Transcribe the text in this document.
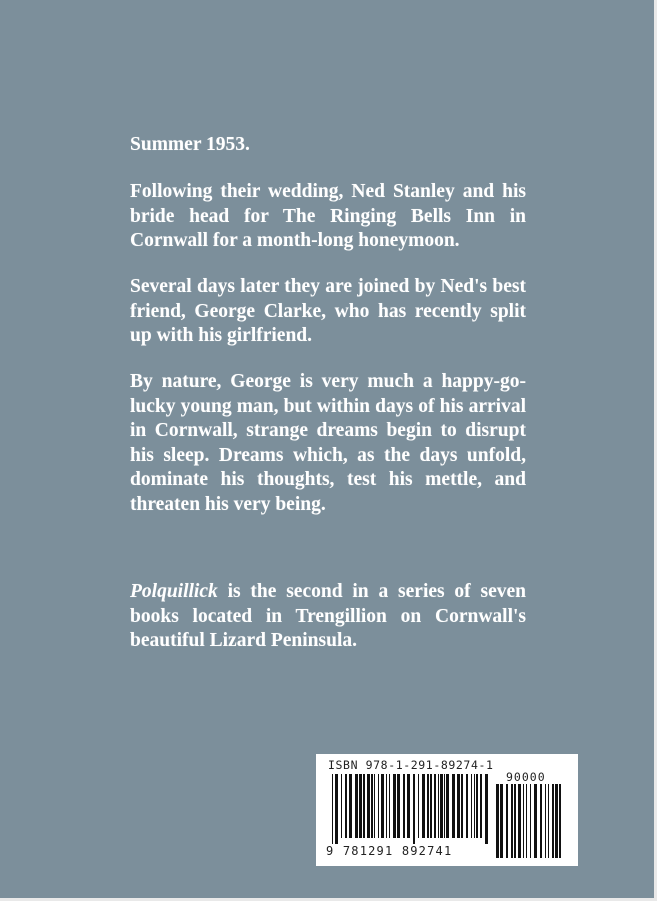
Summer 1953.

Following their wedding, Ned Stanley and his bride head for The Ringing Bells Inn in Cornwall for a month-long honeymoon.

Several days later they are joined by Ned's best friend, George Clarke, who has recently split up with his girlfriend.

By nature, George is very much a happy-go-lucky young man, but within days of his arrival in Cornwall, strange dreams begin to disrupt his sleep. Dreams which, as the days unfold, dominate his thoughts, test his mettle, and threaten his very being.

Polquillick is the second in a series of seven books located in Trengillion on Cornwall's beautiful Lizard Peninsula.

ISBN 978-1-291-89274-1
90000
9 781291 892741
